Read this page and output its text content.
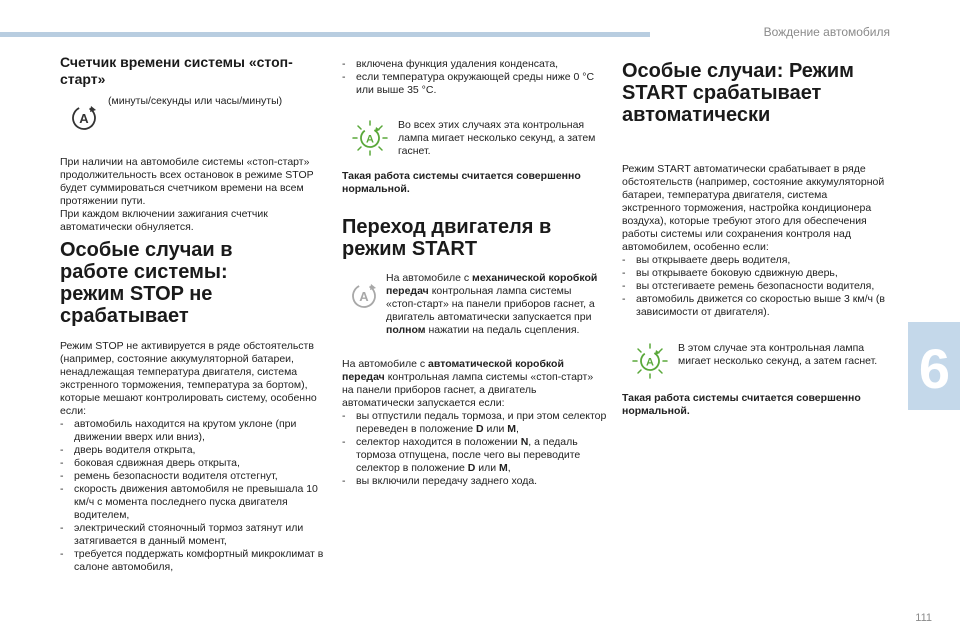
Вождение автомобиля
6
111
Счетчик времени системы «стоп-старт»
A
(минуты/секунды или часы/минуты)
При наличии на автомобиле системы «стоп-старт» продолжительность всех остановок в режиме STOP будет суммироваться счетчиком времени на всем протяжении пути.
При каждом включении зажигания счетчик автоматически обнуляется.
Особые случаи в работе системы: режим STOP не срабатывает
Режим STOP не активируется в ряде обстоятельств (например, состояние аккумуляторной батареи, ненадлежащая температура двигателя, система экстренного торможения, температура за бортом), которые мешают контролировать систему, особенно если:
- автомобиль находится на крутом уклоне (при движении вверх или вниз),
- дверь водителя открыта,
- боковая сдвижная дверь открыта,
- ремень безопасности водителя отстегнут,
- скорость движения автомобиля не превышала 10 км/ч с момента последнего пуска двигателя водителем,
- электрический стояночный тормоз затянут или затягивается в данный момент,
- требуется поддержать комфортный микроклимат в салоне автомобиля,
- включена функция удаления конденсата,
- если температура окружающей среды ниже 0 °C или выше 35 °C.
A
Во всех этих случаях эта контрольная лампа мигает несколько секунд, а затем гаснет.
Такая работа системы считается совершенно нормальной.
Переход двигателя в режим START
A
На автомобиле с механической коробкой передач контрольная лампа системы «стоп-старт» на панели приборов гаснет, а двигатель автоматически запускается при полном нажатии на педаль сцепления.
На автомобиле с автоматической коробкой передач контрольная лампа системы «стоп-старт» на панели приборов гаснет, а двигатель автоматически запускается если:
- вы отпустили педаль тормоза, и при этом селектор переведен в положение D или M,
- селектор находится в положении N, а педаль тормоза отпущена, после чего вы переводите селектор в положение D или M,
- вы включили передачу заднего хода.
Особые случаи: Режим START срабатывает автоматически
Режим START автоматически срабатывает в ряде обстоятельств (например, состояние аккумуляторной батареи, температура двигателя, система экстренного торможения, настройка кондиционера воздуха), которые требуют этого для обеспечения работы системы или сохранения контроля над автомобилем, особенно если:
- вы открываете дверь водителя,
- вы открываете боковую сдвижную дверь,
- вы отстегиваете ремень безопасности водителя,
- автомобиль движется со скоростью выше 3 км/ч (в зависимости от двигателя).
A
В этом случае эта контрольная лампа мигает несколько секунд, а затем гаснет.
Такая работа системы считается совершенно нормальной.
